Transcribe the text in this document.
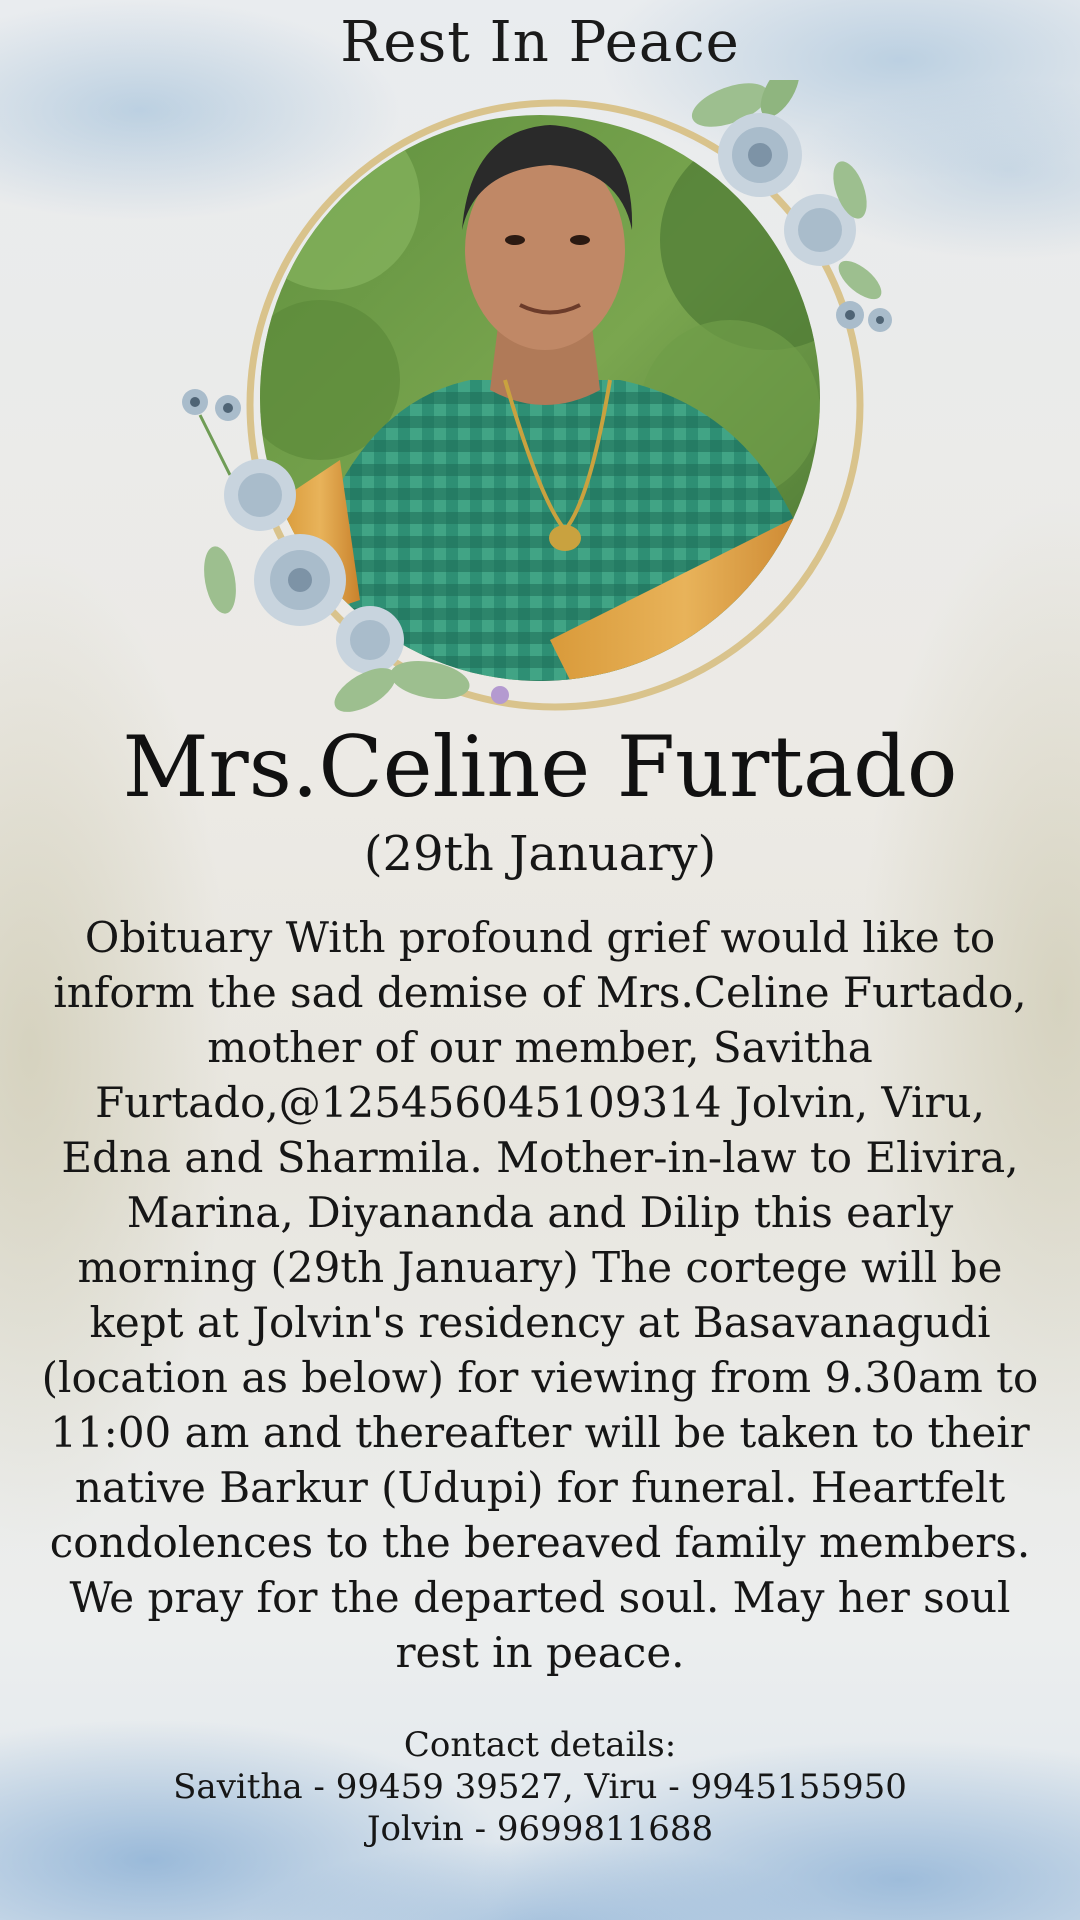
Rest In Peace
Mrs.Celine Furtado
(29th January)

Obituary With profound grief would like to inform the sad demise of Mrs.Celine Furtado, mother of our member, Savitha Furtado,@125456045109314 Jolvin, Viru, Edna and Sharmila. Mother-in-law to Elivira, Marina, Diyananda and Dilip this early morning (29th January) The cortege will be kept at Jolvin's residency at Basavanagudi (location as below) for viewing from 9.30am to 11:00 am and thereafter will be taken to their native Barkur (Udupi) for funeral. Heartfelt condolences to the bereaved family members.
We pray for the departed soul. May her soul rest in peace.

Contact details:
Savitha - 99459 39527, Viru - 9945155950
Jolvin - 9699811688
